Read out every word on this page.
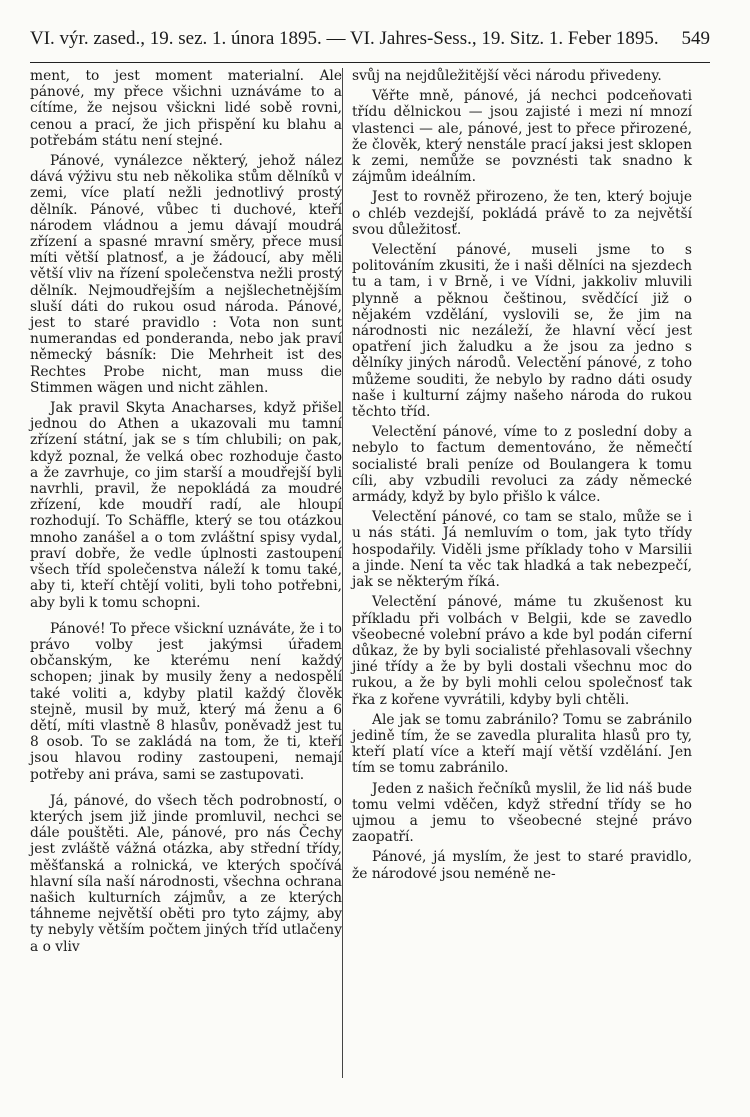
VI. výr. zased., 19. sez. 1. února 1895. — VI. Jahres-Sess., 19. Sitz. 1. Feber 1895. 549

ment, to jest moment materialní. Ale pánové, my přece všichni uznáváme to a cítíme, že nejsou všickni lidé sobě rovni, cenou a prací, že jich přispění ku blahu a potřebám státu není stejné.

Pánové, vynálezce některý, jehož nález dává výživu stu neb několika stům dělníků v zemi, více platí nežli jednotlivý prostý dělník. Pánové, vůbec ti duchové, kteří národem vládnou a jemu dávají moudrá zřízení a spasné mravní směry, přece musí míti větší platnosť, a je žádoucí, aby měli větší vliv na řízení společenstva nežli prostý dělník. Nejmoudřejším a nejšlechetnějším sluší dáti do rukou osud národa. Pánové, jest to staré pravidlo : Vota non sunt numerandas ed ponderanda, nebo jak praví německý básník: Die Mehrheit ist des Rechtes Probe nicht, man muss die Stimmen wägen und nicht zählen.

Jak pravil Skyta Anacharses, když přišel jednou do Athen a ukazovali mu tamní zřízení státní, jak se s tím chlubili; on pak, když poznal, že velká obec rozhoduje často a že zavrhuje, co jim starší a moudřejší byli navrhli, pravil, že nepokládá za moudré zřízení, kde moudří radí, ale hloupí rozhodují. To Schäffle, který se tou otázkou mnoho zanášel a o tom zvláštní spisy vydal, praví dobře, že vedle úplnosti zastoupení všech tříd společenstva náleží k tomu také, aby ti, kteří chtějí voliti, byli toho potřebni, aby byli k tomu schopni.

Pánové! To přece všickní uznáváte, že i to právo volby jest jakýmsi úřadem občanským, ke kterému není každý schopen; jinak by musily ženy a nedospělí také voliti a, kdyby platil každý člověk stejně, musil by muž, který má ženu a 6 dětí, míti vlastně 8 hlasův, poněvadž jest tu 8 osob. To se zakládá na tom, že ti, kteří jsou hlavou rodiny zastoupeni, nemají potřeby ani práva, sami se zastupovati.

Já, pánové, do všech těch podrobností, o kterých jsem již jinde promluvil, nechci se dále pouštěti. Ale, pánové, pro nás Čechy jest zvláště vážná otázka, aby střední třídy, měšťanská a rolnická, ve kterých spočívá hlavní síla naší národnosti, všechna ochrana našich kulturních zájmův, a ze kterých táhneme největší oběti pro tyto zájmy, aby ty nebyly větším počtem jiných tříd utlačeny a o vliv

svůj na nejdůležitější věci národu přivedeny.

Věřte mně, pánové, já nechci podceňovati třídu dělnickou — jsou zajisté i mezi ní mnozí vlastenci — ale, pánové, jest to přece přirozené, že člověk, který nenstále prací jaksi jest sklopen k zemi, nemůže se povznésti tak snadno k zájmům ideálním.

Jest to rovněž přirozeno, že ten, který bojuje o chléb vezdejší, pokládá právě to za největší svou důležitosť.

Velectění pánové, museli jsme to s politováním zkusiti, že i naši dělníci na sjezdech tu a tam, i v Brně, i ve Vídni, jakkoliv mluvili plynně a pěknou češtinou, svědčící již o nějakém vzdělání, vyslovili se, že jim na národnosti nic nezáleží, že hlavní věcí jest opatření jich žaludku a že jsou za jedno s dělníky jiných národů. Velectění pánové, z toho můžeme souditi, že nebylo by radno dáti osudy naše i kulturní zájmy našeho národa do rukou těchto tříd.

Velectění pánové, víme to z poslední doby a nebylo to factum dementováno, že němečtí socialisté brali peníze od Boulangera k tomu cíli, aby vzbudili revoluci za zády německé armády, když by bylo přišlo k válce.

Velectění pánové, co tam se stalo, může se i u nás státi. Já nemluvím o tom, jak tyto třídy hospodařily. Viděli jsme příklady toho v Marsilii a jinde. Není ta věc tak hladká a tak nebezpečí, jak se některým říká.

Velectění pánové, máme tu zkušenost ku příkladu při volbách v Belgii, kde se zavedlo všeobecné volební právo a kde byl podán ciferní důkaz, že by byli socialisté přehlasovali všechny jiné třídy a že by byli dostali všechnu moc do rukou, a že by byli mohli celou společnosť tak řka z kořene vyvrátili, kdyby byli chtěli.

Ale jak se tomu zabránilo? Tomu se zabránilo jedině tím, že se zavedla pluralita hlasů pro ty, kteří platí více a kteří mají větší vzdělání. Jen tím se tomu zabránilo.

Jeden z našich řečníků myslil, že lid náš bude tomu velmi vděčen, když střední třídy se ho ujmou a jemu to všeobecné stejné právo zaopatří.

Pánové, já myslím, že jest to staré pravidlo, že národové jsou neméně ne-
